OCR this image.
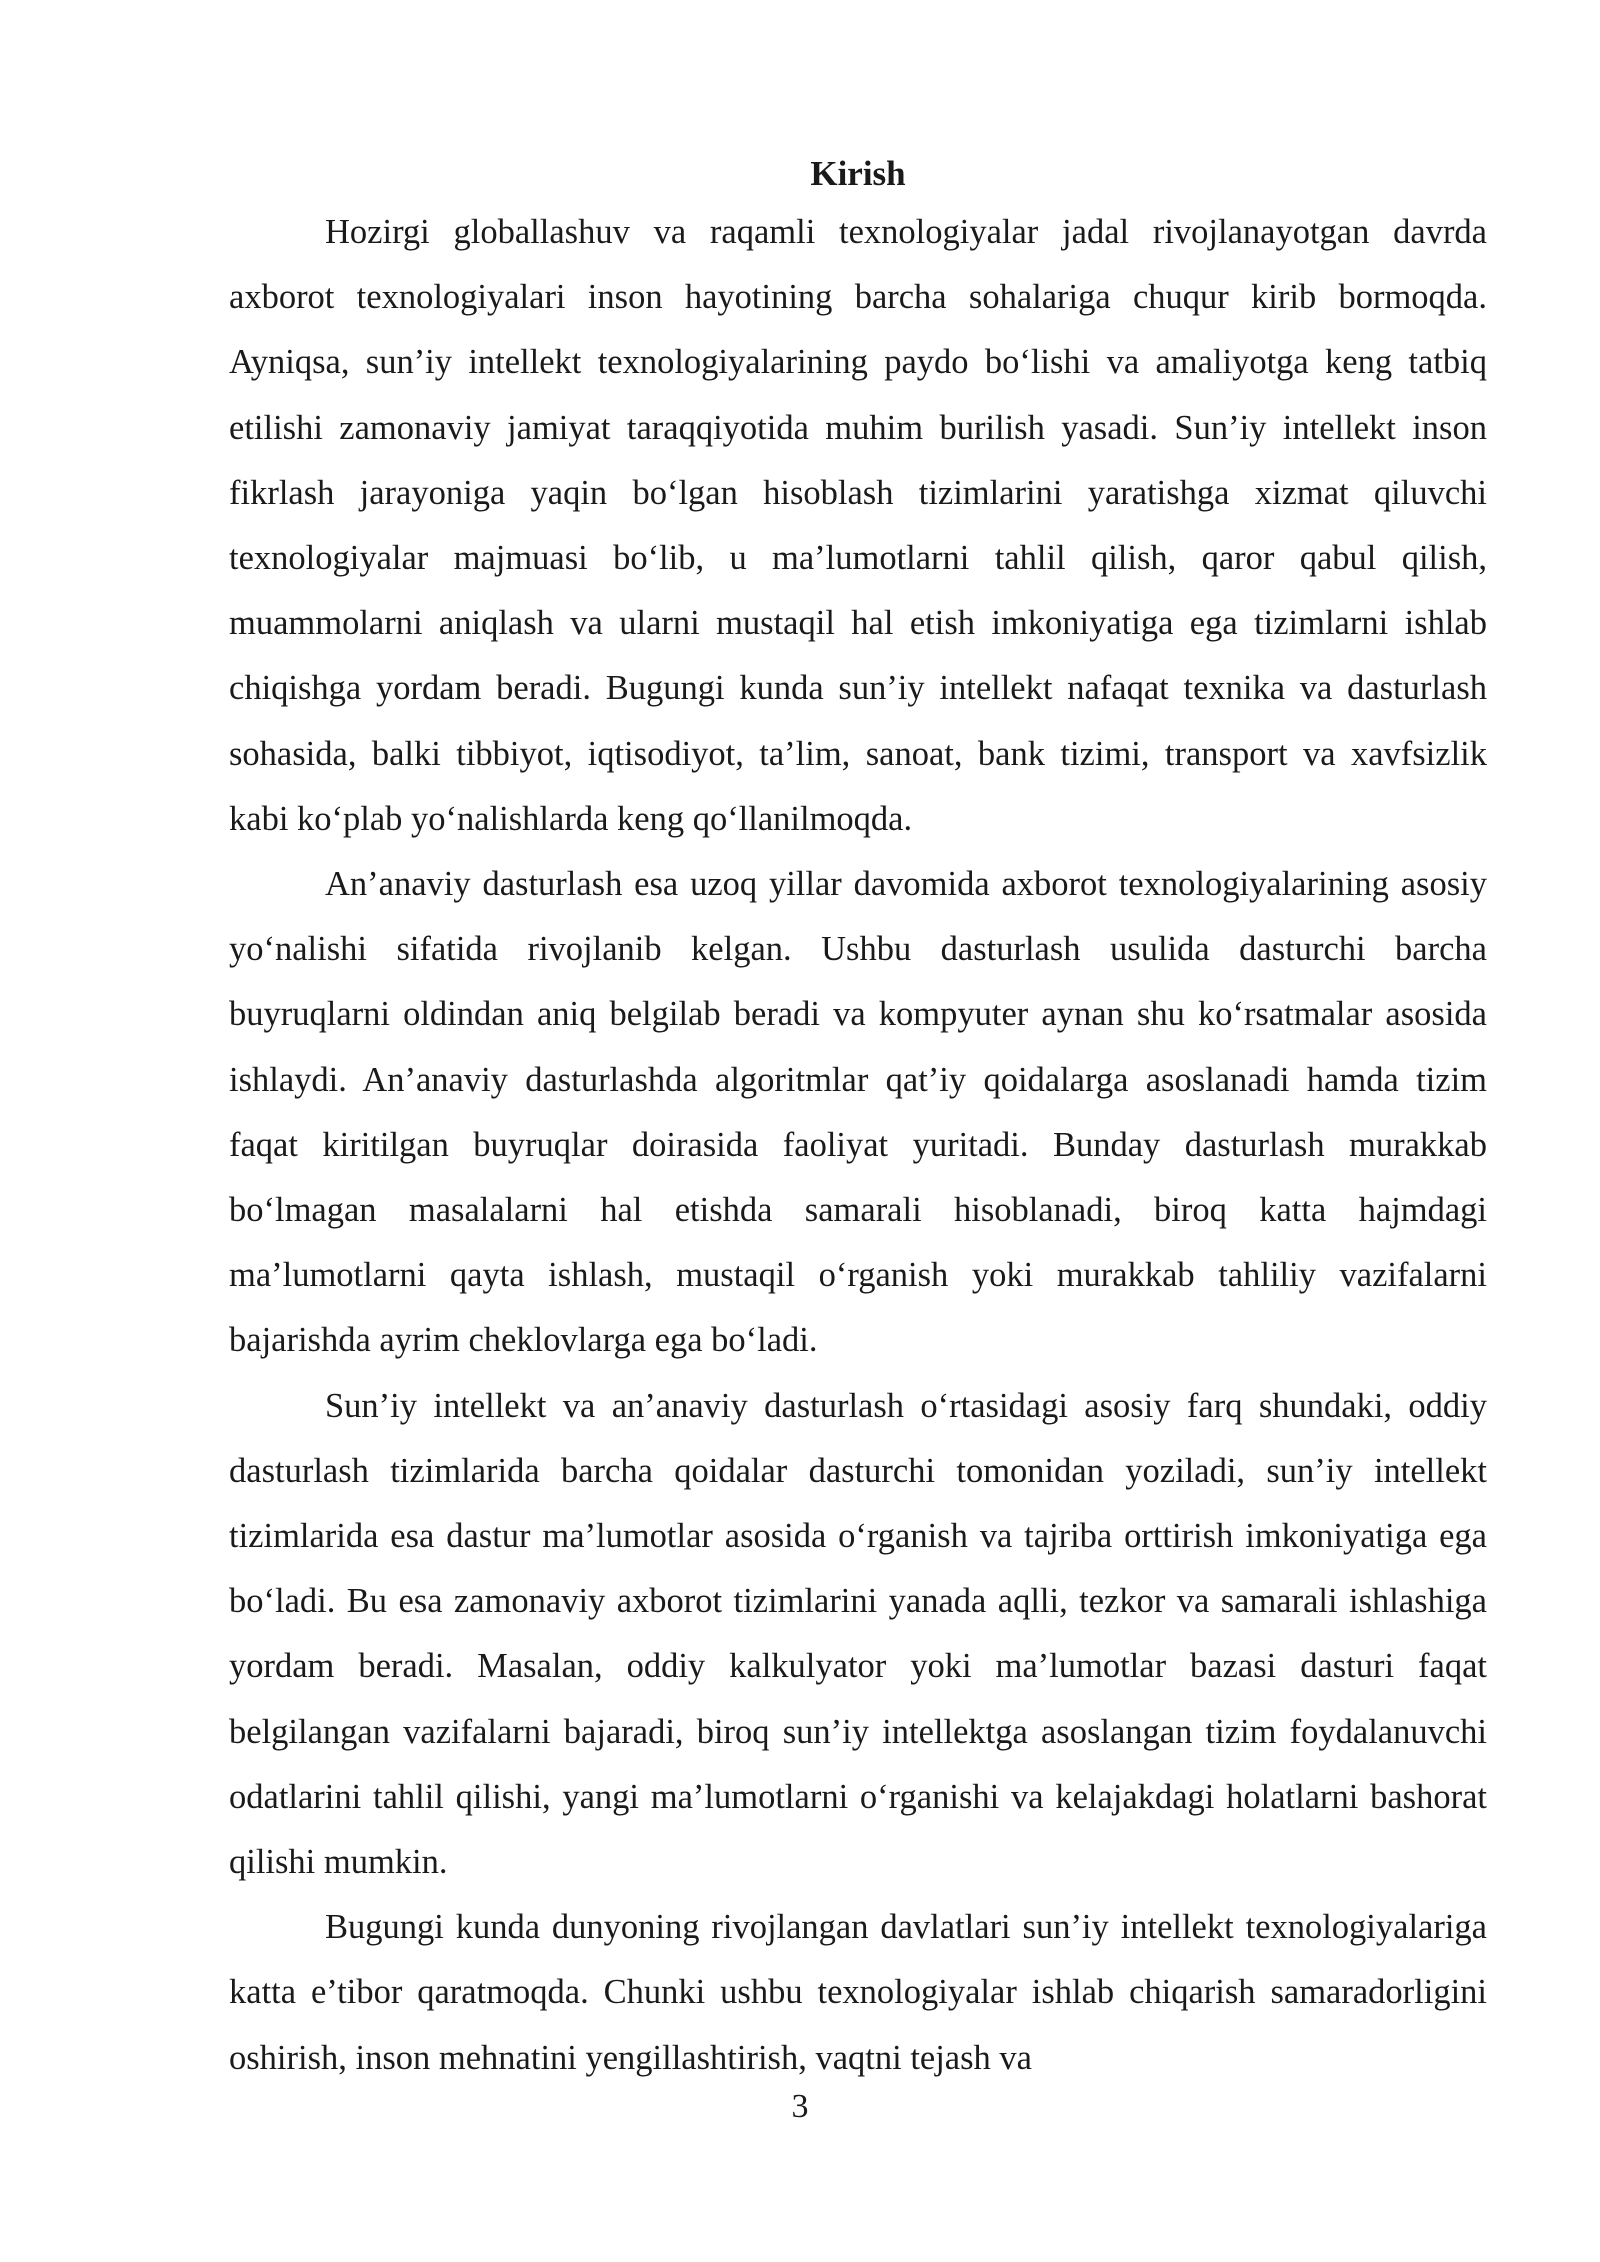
Kirish

Hozirgi globallashuv va raqamli texnologiyalar jadal rivojlanayotgan davrda axborot texnologiyalari inson hayotining barcha sohalariga chuqur kirib bormoqda. Ayniqsa, sun’iy intellekt texnologiyalarining paydo bo‘lishi va amaliyotga keng tatbiq etilishi zamonaviy jamiyat taraqqiyotida muhim burilish yasadi. Sun’iy intellekt inson fikrlash jarayoniga yaqin bo‘lgan hisoblash tizimlarini yaratishga xizmat qiluvchi texnologiyalar majmuasi bo‘lib, u ma’lumotlarni tahlil qilish, qaror qabul qilish, muammolarni aniqlash va ularni mustaqil hal etish imkoniyatiga ega tizimlarni ishlab chiqishga yordam beradi. Bugungi kunda sun’iy intellekt nafaqat texnika va dasturlash sohasida, balki tibbiyot, iqtisodiyot, ta’lim, sanoat, bank tizimi, transport va xavfsizlik kabi ko‘plab yo‘nalishlarda keng qo‘llanilmoqda.

An’anaviy dasturlash esa uzoq yillar davomida axborot texnologiyalarining asosiy yo‘nalishi sifatida rivojlanib kelgan. Ushbu dasturlash usulida dasturchi barcha buyruqlarni oldindan aniq belgilab beradi va kompyuter aynan shu ko‘rsatmalar asosida ishlaydi. An’anaviy dasturlashda algoritmlar qat’iy qoidalarga asoslanadi hamda tizim faqat kiritilgan buyruqlar doirasida faoliyat yuritadi. Bunday dasturlash murakkab bo‘lmagan masalalarni hal etishda samarali hisoblanadi, biroq katta hajmdagi ma’lumotlarni qayta ishlash, mustaqil o‘rganish yoki murakkab tahliliy vazifalarni bajarishda ayrim cheklovlarga ega bo‘ladi.

Sun’iy intellekt va an’anaviy dasturlash o‘rtasidagi asosiy farq shundaki, oddiy dasturlash tizimlarida barcha qoidalar dasturchi tomonidan yoziladi, sun’iy intellekt tizimlarida esa dastur ma’lumotlar asosida o‘rganish va tajriba orttirish imkoniyatiga ega bo‘ladi. Bu esa zamonaviy axborot tizimlarini yanada aqlli, tezkor va samarali ishlashiga yordam beradi. Masalan, oddiy kalkulyator yoki ma’lumotlar bazasi dasturi faqat belgilangan vazifalarni bajaradi, biroq sun’iy intellektga asoslangan tizim foydalanuvchi odatlarini tahlil qilishi, yangi ma’lumotlarni o‘rganishi va kelajakdagi holatlarni bashorat qilishi mumkin.

Bugungi kunda dunyoning rivojlangan davlatlari sun’iy intellekt texnologiyalariga katta e’tibor qaratmoqda. Chunki ushbu texnologiyalar ishlab chiqarish samaradorligini oshirish, inson mehnatini yengillashtirish, vaqtni tejash va

3
